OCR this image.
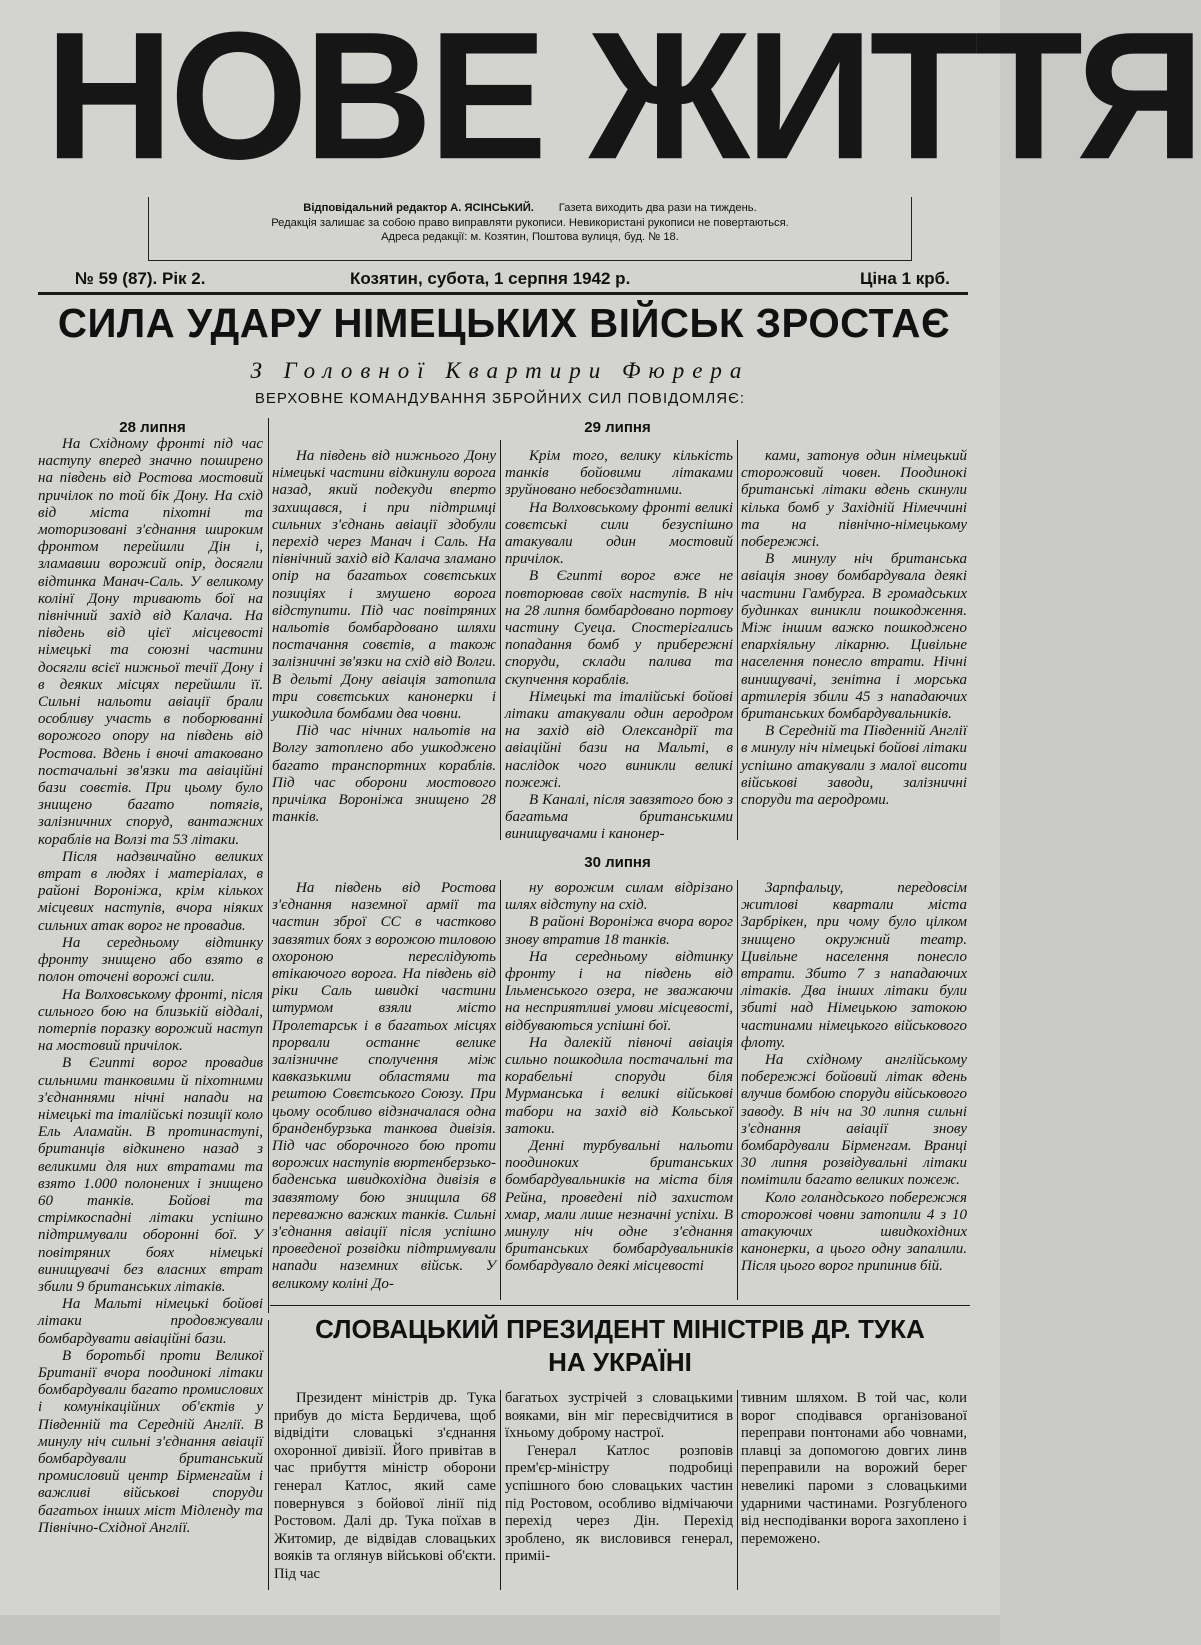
НОВЕ ЖИТТЯ
Відповідальний редактор А. ЯСІНСЬКИЙ. Газета виходить два рази на тиждень.
Редакція залишає за собою право виправляти рукописи. Невикористані рукописи не повертаються.
Адреса редакції: м. Козятин, Поштова вулиця, буд. № 18.
№ 59 (87). Рік 2.	Козятин, субота, 1 серпня 1942 р.	Ціна 1 крб.
СИЛА УДАРУ НІМЕЦЬКИХ ВІЙСЬК ЗРОСТАЄ
З Головної Квартири Фюрера
ВЕРХОВНЕ КОМАНДУВАННЯ ЗБРОЙНИХ СИЛ ПОВІДОМЛЯЄ:
28 липня	29 липня
30 липня

На Східному фронті під час наступу вперед значно поширено на південь від Ростова мостовий причілок по той бік Дону. На схід від міста піхотні та моторизовані з'єднання широким фронтом перейшли Дін і, зламавши ворожий опір, досягли відтинка Манач-Саль. У великому колінї Дону тривають бої на північний захід від Калача. На південь від цієї місцевості німецькі та союзні частини досягли всієї нижньої течії Дону і в деяких місцях перейшли її. Сильні нальоти авіації брали особливу участь в поборюванні ворожого опору на південь від Ростова. Вдень і вночі атаковано постачальні зв'язки та авіаційні бази совєтів. При цьому було знищено багато потягів, залізничних споруд, вантажних кораблів на Волзі та 53 літаки.

Після надзвичайно великих втрат в людях і матеріалах, в районі Вороніжа, крім кількох місцевих наступів, вчора ніяких сильних атак ворог не провадив.

На середньому відтинку фронту знищено або взято в полон оточені ворожі сили.

На Волховському фронті, після сильного бою на близькій віддалі, потерпів поразку ворожий наступ на мостовий причілок.

В Єгипті ворог провадив сильними танковими й піхотними з'єднаннями нічні напади на німецькі та італійські позиції коло Ель Аламайн. В протинаступі, британців відкинено назад з великими для них втратами та взято 1.000 полонених і знищено 60 танків. Бойові та стрімкоспадні літаки успішно підтримували оборонні бої. У повітряних боях німецькі винищувачі без власних втрат збили 9 британських літаків.

На Мальті німецькі бойові літаки продовжували бомбардувати авіаційні бази.

В боротьбі проти Великої Британії вчора поодинокі літаки бомбардували багато промислових і комунікаційних об'єктів у Південній та Середній Англії. В минулу ніч сильні з'єднання авіації бомбардували британський промисловий центр Бірменгайм і важливі військові споруди багатьох інших міст Мідленду та Північно-Східної Англії.

На південь від нижнього Дону німецькі частини відкинули ворога назад, який подекуди вперто захищався, і при підтримці сильних з'єднань авіації здобули перехід через Манач і Саль. На північний захід від Калача зламано опір на багатьох совєтських позиціях і змушено ворога відступити. Під час повітряних нальотів бомбардовано шляхи постачання совєтів, а також залізничні зв'язки на схід від Волги. В дельті Дону авіація затопила три совєтських канонерки і ушкодила бомбами два човни.

Під час нічних нальотів на Волгу затоплено або ушкоджено багато транспортних кораблів. Під час оборони мостового причілка Вороніжа знищено 28 танків.

Крім того, велику кількість танків бойовими літаками зруйновано небоєздатними.

На Волховському фронті великі совєтські сили безуспішно атакували один мостовий причілок.

В Єгипті ворог вже не повторював своїх наступів. В ніч на 28 липня бомбардовано портову частину Суеца. Спостерігались попадання бомб у прибережні споруди, склади палива та скупчення кораблів.

Німецькі та італійські бойові літаки атакували один аеродром на захід від Олександрії та авіаційні бази на Мальті, в наслідок чого виникли великі пожежі.

В Каналі, після завзятого бою з багатьма британськими винищувачами і канонер-

ками, затонув один німецький сторожовий човен. Поодинокі британські літаки вдень скинули кілька бомб у Західній Німеччині та на північно-німецькому побережжі.

В минулу ніч британська авіація знову бомбардувала деякі частини Гамбурга. В громадських будинках виникли пошкодження. Між іншим важко пошкоджено епархіяльну лікарню. Цивільне населення понесло втрати. Нічні винищувачі, зенітна і морська артилерія збили 45 з нападаючих британських бомбардувальників.

В Середній та Південній Англії в минулу ніч німецькі бойові літаки успішно атакували з малої висоти військові заводи, залізничні споруди та аеродроми.

На південь від Ростова з'єднання наземної армії та частин зброї СС в частково завзятих боях з ворожою тиловою охороною переслідують втікаючого ворога. На південь від ріки Саль швидкі частини штурмом взяли місто Пролетарськ і в багатьох місцях прорвали останнє велике залізничне сполучення між кавказькими областями та рештою Совєтського Союзу. При цьому особливо відзначалася одна бранденбурзька танкова дивізія. Під час оборочного бою проти ворожих наступів вюртенберзько-баденська швидкохідна дивізія в завзятому бою знищила 68 переважно важких танків. Сильні з'єднання авіації після успішно проведеної розвідки підтримували напади наземних військ. У великому коліні До-

ну ворожим силам відрізано шлях відступу на схід.

В районі Вороніжа вчора ворог знову втратив 18 танків.

На середньому відтинку фронту і на південь від Ільменського озера, не зважаючи на несприятливі умови місцевості, відбуваються успішні бої.

На далекій півночі авіація сильно пошкодила постачальні та корабельні споруди біля Мурманська і великі військові табори на захід від Кольської затоки.

Денні турбувальні нальоти поодиноких британських бомбардувальників на міста біля Рейна, проведені під захистом хмар, мали лише незначні успіхи. В минулу ніч одне з'єднання британських бомбардувальників бомбардувало деякі місцевості

Зарпфальцу, передовсім житлові квартали міста Зарбрікен, при чому було цілком знищено окружний театр. Цивільне населення понесло втрати. Збито 7 з нападаючих літаків. Два інших літаки були збиті над Німецькою затокою частинами німецького військового флоту.

На східному англійському побережжі бойовий літак вдень влучив бомбою споруди військового заводу. В ніч на 30 липня сильні з'єднання авіації знову бомбардували Бірменгам. Вранці 30 липня розвідувальні літаки помітили багато великих пожеж.

Коло голандського побережжя сторожові човни затопили 4 з 10 атакуючих швидкохідних канонерки, а цього одну запалили. Після цього ворог припинив бій.

СЛОВАЦЬКИЙ ПРЕЗИДЕНТ МІНІСТРІВ ДР. ТУКА
НА УКРАЇНІ

Президент міністрів др. Тука прибув до міста Бердичева, щоб відвідіти словацькі з'єднання охоронної дивізії. Його привітав в час прибуття міністр оборони генерал Катлос, який саме повернувся з бойової лінії під Ростовом. Далі др. Тука поїхав в Житомир, де відвідав словацьких вояків та оглянув військові об'єкти. Під час

багатьох зустрічей з словацькими вояками, він міг пересвідчитися в їхньому доброму настрої.

Генерал Катлос розповів прем'єр-міністру подробиці успішного бою словацьких частин під Ростовом, особливо відмічаючи перехід через Дін. Перехід зроблено, як висловився генерал, приміi-

тивним шляхом. В той час, коли ворог сподівався організованої переправи понтонами або човнами, плавці за допомогою довгих линв переправили на ворожий берег невеликі пароми з словацькими ударними частинами. Розгубленого від несподіванки ворога захоплено і переможено.
